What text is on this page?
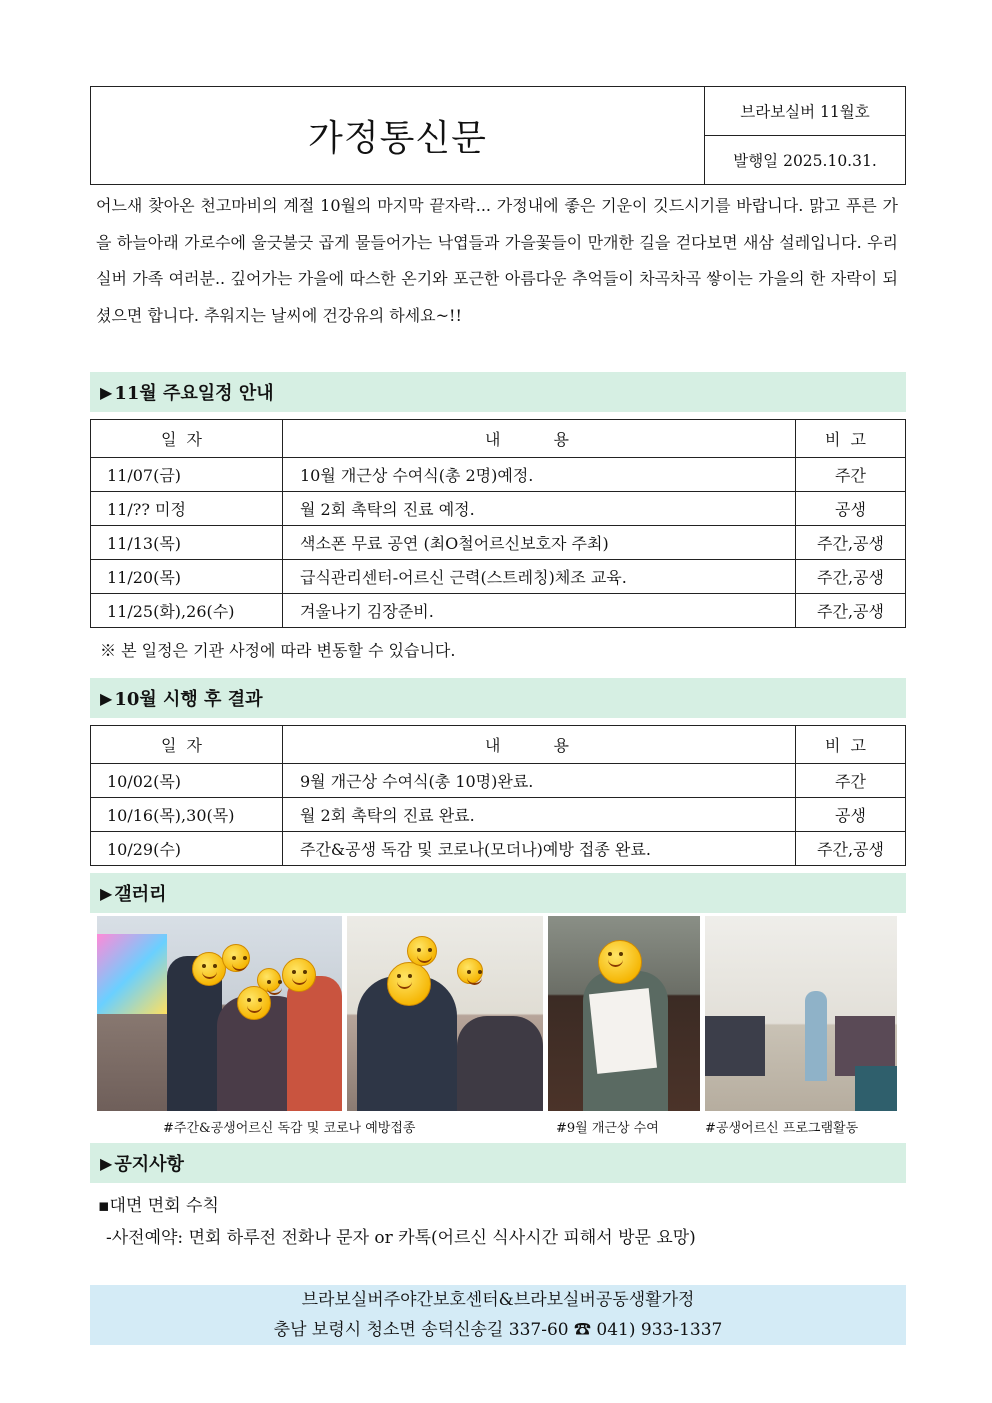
가정통신문
브라보실버 11월호
발행일 2025.10.31.
어느새 찾아온 천고마비의 계절 10월의 마지막 끝자락... 가정내에 좋은 기운이 깃드시기를 바랍니다. 맑고 푸른 가을 하늘아래 가로수에 울긋불긋 곱게 물들어가는 낙엽들과 가을꽃들이 만개한 길을 걷다보면 새삼 설레입니다. 우리 실버 가족 여러분.. 깊어가는 가을에 따스한 온기와 포근한 아름다운 추억들이 차곡차곡 쌓이는 가을의 한 자락이 되셨으면 합니다. 추워지는 날씨에 건강유의 하세요~!!
▶ 11월 주요일정 안내
일자	내 용	비고
11/07(금)	10월 개근상 수여식(총 2명)예정.	주간
11/?? 미정	월 2회 촉탁의 진료 예정.	공생
11/13(목)	색소폰 무료 공연 (최O철어르신보호자 주최)	주간,공생
11/20(목)	급식관리센터-어르신 근력(스트레칭)체조 교육.	주간,공생
11/25(화),26(수)	겨울나기 김장준비.	주간,공생
※ 본 일정은 기관 사정에 따라 변동할 수 있습니다.
▶ 10월 시행 후 결과
일자	내 용	비고
10/02(목)	9월 개근상 수여식(총 10명)완료.	주간
10/16(목),30(목)	월 2회 촉탁의 진료 완료.	공생
10/29(수)	주간&공생 독감 및 코로나(모더나)예방 접종 완료.	주간,공생
▶ 갤러리
#주간&공생어르신 독감 및 코로나 예방접종	#9월 개근상 수여	#공생어르신 프로그램활동
▶ 공지사항
▪대면 면회 수칙
-사전예약: 면회 하루전 전화나 문자 or 카톡(어르신 식사시간 피해서 방문 요망)
브라보실버주야간보호센터&브라보실버공동생활가정
충남 보령시 청소면 송덕신송길 337-60 ☎ 041) 933-1337
